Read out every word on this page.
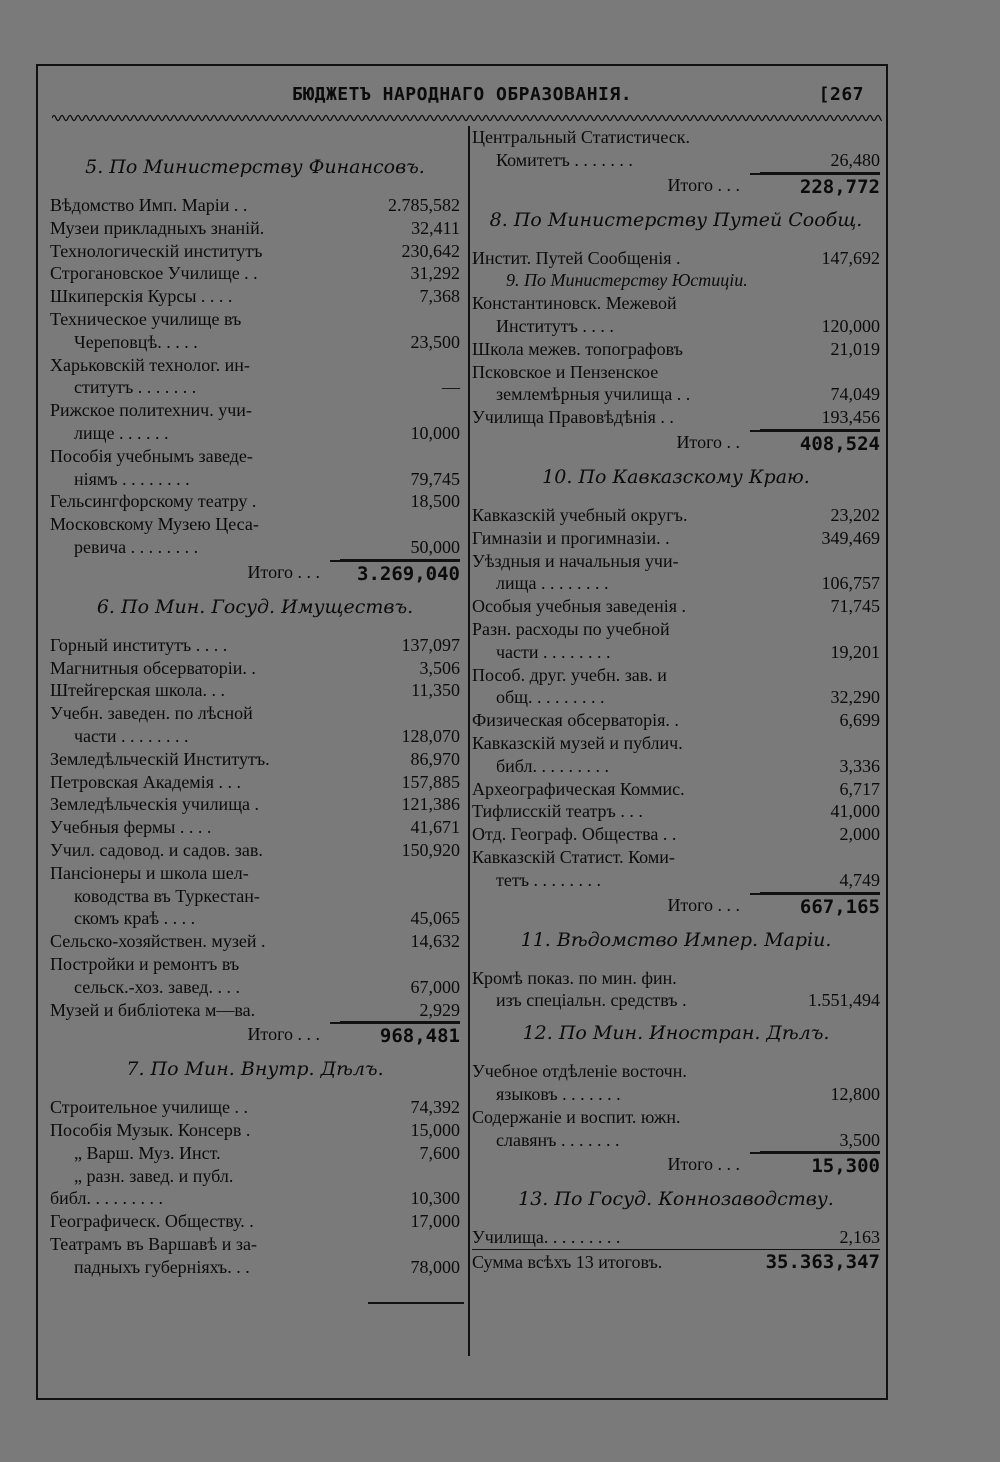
БЮДЖЕТЪ НАРОДНАГО ОБРАЗОВАНІЯ.	[267
5. По Министерству Финансовъ.
Вѣдомство Имп. Маріи . .	2.785,582
Музеи прикладныхъ знаній.	32,411
Технологическій институтъ	230,642
Строгановское Училище . .	31,292
Шкиперскія Курсы . . . .	7,368
Техническое училище въ
Череповцѣ. . . . .	23,500
Харьковскій технолог. ин-
ститутъ . . . . . . .	—
Рижское политехнич. учи-
лище . . . . . .	10,000
Пособія учебнымъ заведе-
ніямъ . . . . . . . .	79,745
Гельсингфорскому театру .	18,500
Московскому Музею Цеса-
ревича . . . . . . . .	50,000
Итого . . .	3.269,040
6. По Мин. Госуд. Имуществъ.
Горный институтъ . . . .	137,097
Магнитныя обсерваторіи. .	3,506
Штейгерская школа. . .	11,350
Учебн. заведен. по лѣсной
части . . . . . . . .	128,070
Земледѣльческій Институтъ.	86,970
Петровская Академія . . .	157,885
Земледѣльческія училища .	121,386
Учебныя фермы . . . .	41,671
Учил. садовод. и садов. зав.	150,920
Пансіонеры и школа шел-
ководства въ Туркестан-
скомъ краѣ . . . .	45,065
Сельско-хозяйствен. музей .	14,632
Постройки и ремонтъ въ
сельск.-хоз. завед. . . .	67,000
Музей и библіотека м—ва.	2,929
Итого . . .	968,481
7. По Мин. Внутр. Дѣлъ.
Строительное училище . .	74,392
Пособія Музык. Консерв .	15,000
„ Варш. Муз. Инст.	7,600
„ разн. завед. и публ.
библ. . . . . . . . .	10,300
Географическ. Обществу. .	17,000
Театрамъ въ Варшавѣ и за-
падныхъ губерніяхъ. . .	78,000
Центральный Статистическ.
Комитетъ . . . . . . .	26,480
Итого . . .	228,772
8. По Министерству Путей Сообщ.
Инстит. Путей Сообщенія .	147,692
9. По Министерству Юстиціи.
Константиновск. Межевой
Институтъ . . . .	120,000
Школа межев. топографовъ	21,019
Псковское и Пензенское
землемѣрныя училища . .	74,049
Училища Правовѣдѣнія . .	193,456
Итого . .	408,524
10. По Кавказскому Краю.
Кавказскій учебный округъ.	23,202
Гимназіи и прогимназіи. .	349,469
Уѣздныя и начальныя учи-
лища . . . . . . . .	106,757
Особыя учебныя заведенія .	71,745
Разн. расходы по учебной
части . . . . . . . .	19,201
Пособ. друг. учебн. зав. и
общ. . . . . . . . .	32,290
Физическая обсерваторія. .	6,699
Кавказскій музей и публич.
библ. . . . . . . . .	3,336
Археографическая Коммис.	6,717
Тифлисскій театръ . . .	41,000
Отд. Географ. Общества . .	2,000
Кавказскій Статист. Коми-
тетъ . . . . . . . .	4,749
Итого . . .	667,165
11. Вѣдомство Импер. Маріи.
Кромѣ показ. по мин. фин.
изъ спеціальн. средствъ .	1.551,494
12. По Мин. Иностран. Дѣлъ.
Учебное отдѣленіе восточн.
языковъ . . . . . . .	12,800
Содержаніе и воспит. южн.
славянъ . . . . . . .	3,500
Итого . . .	15,300
13. По Госуд. Коннозаводству.
Училища. . . . . . . . .	2,163
Сумма всѣхъ 13 итоговъ.	35.363,347
